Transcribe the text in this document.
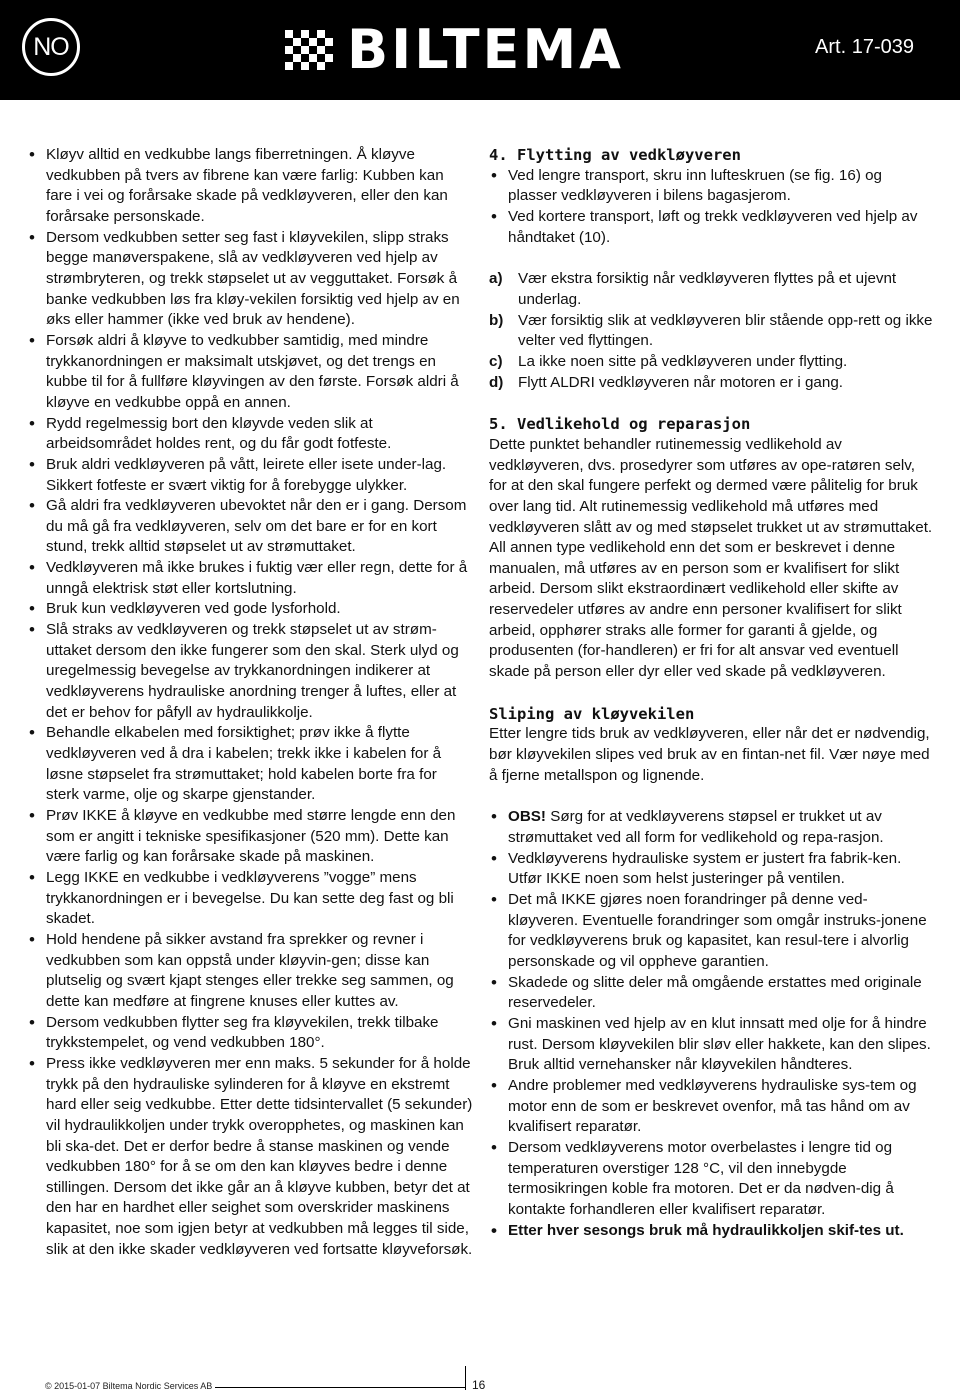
NO	BILTEMA	Art. 17-039
• Kløyv alltid en vedkubbe langs fiberretningen. Å kløyve vedkubben på tvers av fibrene kan være farlig: Kubben kan fare i vei og forårsake skade på vedkløyveren, eller den kan forårsake personskade.
• Dersom vedkubben setter seg fast i kløyvekilen, slipp straks begge manøverspakene, slå av vedkløyveren ved hjelp av strømbryteren, og trekk støpselet ut av vegguttaket. Forsøk å banke vedkubben løs fra kløy-vekilen forsiktig ved hjelp av en øks eller hammer (ikke ved bruk av hendene).
• Forsøk aldri å kløyve to vedkubber samtidig, med mindre trykkanordningen er maksimalt utskjøvet, og det trengs en kubbe til for å fullføre kløyvingen av den første. Forsøk aldri å kløyve en vedkubbe oppå en annen.
• Rydd regelmessig bort den kløyvde veden slik at arbeidsområdet holdes rent, og du får godt fotfeste.
• Bruk aldri vedkløyveren på vått, leirete eller isete under-lag. Sikkert fotfeste er svært viktig for å forebygge ulykker.
• Gå aldri fra vedkløyveren ubevoktet når den er i gang. Dersom du må gå fra vedkløyveren, selv om det bare er for en kort stund, trekk alltid støpselet ut av strømuttaket.
• Vedkløyveren må ikke brukes i fuktig vær eller regn, dette for å unngå elektrisk støt eller kortslutning.
• Bruk kun vedkløyveren ved gode lysforhold.
• Slå straks av vedkløyveren og trekk støpselet ut av strøm-uttaket dersom den ikke fungerer som den skal. Sterk ulyd og uregelmessig bevegelse av trykkanordningen indikerer at vedkløyverens hydrauliske anordning trenger å luftes, eller at det er behov for påfyll av hydraulikkolje.
• Behandle elkabelen med forsiktighet; prøv ikke å flytte vedkløyveren ved å dra i kabelen; trekk ikke i kabelen for å løsne støpselet fra strømuttaket; hold kabelen borte fra for sterk varme, olje og skarpe gjenstander.
• Prøv IKKE å kløyve en vedkubbe med større lengde enn den som er angitt i tekniske spesifikasjoner (520 mm). Dette kan være farlig og kan forårsake skade på maskinen.
• Legg IKKE en vedkubbe i vedkløyverens ”vogge” mens trykkanordningen er i bevegelse. Du kan sette deg fast og bli skadet.
• Hold hendene på sikker avstand fra sprekker og revner i vedkubben som kan oppstå under kløyvin-gen; disse kan plutselig og svært kjapt stenges eller trekke seg sammen, og dette kan medføre at fingrene knuses eller kuttes av.
• Dersom vedkubben flytter seg fra kløyvekilen, trekk tilbake trykkstempelet, og vend vedkubben 180°.
• Press ikke vedkløyveren mer enn maks. 5 sekunder for å holde trykk på den hydrauliske sylinderen for å kløyve en ekstremt hard eller seig vedkubbe. Etter dette tidsintervallet (5 sekunder) vil hydraulikkoljen under trykk overopphetes, og maskinen kan bli ska-det. Det er derfor bedre å stanse maskinen og vende vedkubben 180° for å se om den kan kløyves bedre i denne stillingen. Dersom det ikke går an å kløyve kubben, betyr det at den har en hardhet eller seighet som overskrider maskinens kapasitet, noe som igjen betyr at vedkubben må legges til side, slik at den ikke skader vedkløyveren ved fortsatte kløyveforsøk.
4. Flytting av vedkløyveren
• Ved lengre transport, skru inn lufteskruen (se fig. 16) og plasser vedkløyveren i bilens bagasjerom.
• Ved kortere transport, løft og trekk vedkløyveren ved hjelp av håndtaket (10).
a) Vær ekstra forsiktig når vedkløyveren flyttes på et ujevnt underlag.
b) Vær forsiktig slik at vedkløyveren blir stående opp-rett og ikke velter ved flyttingen.
c) La ikke noen sitte på vedkløyveren under flytting.
d) Flytt ALDRI vedkløyveren når motoren er i gang.
5. Vedlikehold og reparasjon
Dette punktet behandler rutinemessig vedlikehold av vedkløyveren, dvs. prosedyrer som utføres av ope-ratøren selv, for at den skal fungere perfekt og dermed være pålitelig for bruk over lang tid. Alt rutinemessig vedlikehold må utføres med vedkløyveren slått av og med støpselet trukket ut av strømuttaket.
All annen type vedlikehold enn det som er beskrevet i denne manualen, må utføres av en person som er kvalifisert for slikt arbeid. Dersom slikt ekstraordinært vedlikehold eller skifte av reservedeler utføres av andre enn personer kvalifisert for slikt arbeid, opphører straks alle former for garanti å gjelde, og produsenten (for-handleren) er fri for alt ansvar ved eventuell skade på person eller dyr eller ved skade på vedkløyveren.
Sliping av kløyvekilen
Etter lengre tids bruk av vedkløyveren, eller når det er nødvendig, bør kløyvekilen slipes ved bruk av en fintan-net fil. Vær nøye med å fjerne metallspon og lignende.
• OBS! Sørg for at vedkløyverens støpsel er trukket ut av strømuttaket ved all form for vedlikehold og repa-rasjon.
• Vedkløyverens hydrauliske system er justert fra fabrik-ken. Utfør IKKE noen som helst justeringer på ventilen.
• Det må IKKE gjøres noen forandringer på denne ved-kløyveren. Eventuelle forandringer som omgår instruks-jonene for vedkløyverens bruk og kapasitet, kan resul-tere i alvorlig personskade og vil oppheve garantien.
• Skadede og slitte deler må omgående erstattes med originale reservedeler.
• Gni maskinen ved hjelp av en klut innsatt med olje for å hindre rust. Dersom kløyvekilen blir sløv eller hakkete, kan den slipes. Bruk alltid vernehansker når kløyvekilen håndteres.
• Andre problemer med vedkløyverens hydrauliske sys-tem og motor enn de som er beskrevet ovenfor, må tas hånd om av kvalifisert reparatør.
• Dersom vedkløyverens motor overbelastes i lengre tid og temperaturen overstiger 128 °C, vil den innebygde termosikringen koble fra motoren. Det er da nødven-dig å kontakte forhandleren eller kvalifisert reparatør.
• Etter hver sesongs bruk må hydraulikkoljen skif-tes ut.
© 2015-01-07 Biltema Nordic Services AB	16
